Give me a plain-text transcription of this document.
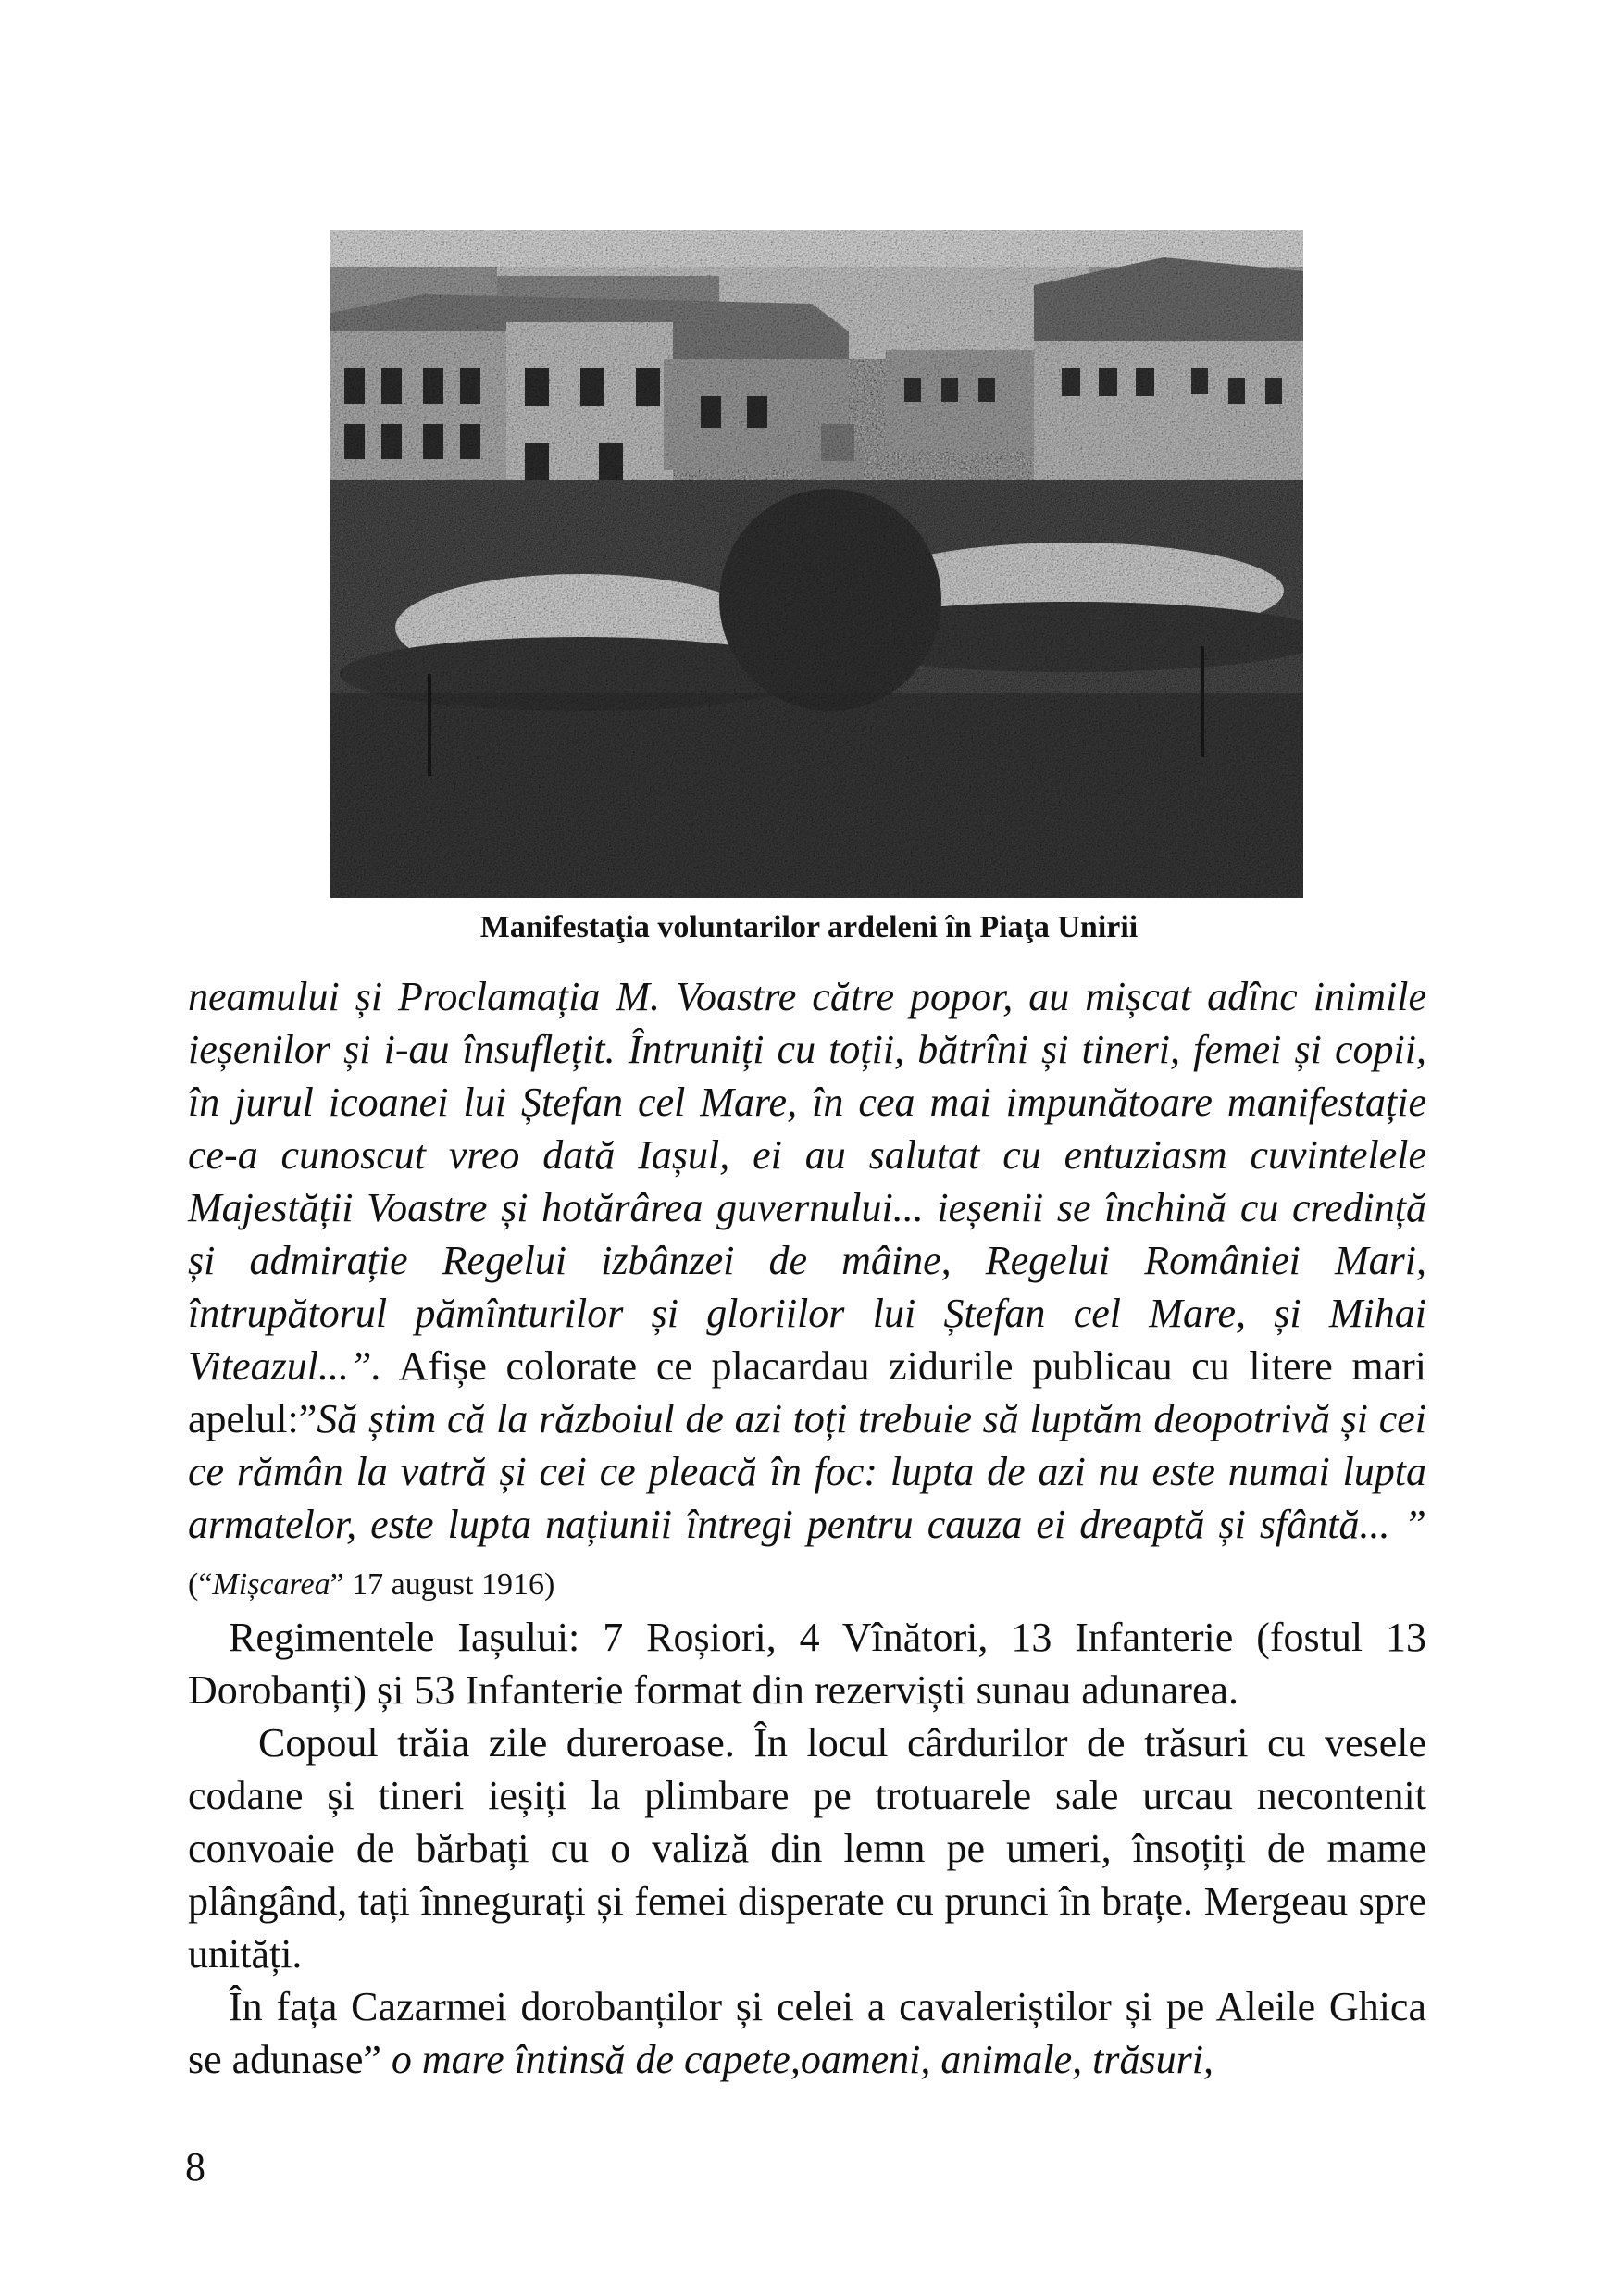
Manifestaţia voluntarilor ardeleni în Piaţa Unirii

neamului și Proclamația M. Voastre către popor, au mișcat adînc inimile ieșenilor și i-au însuflețit. Întruniți cu toții, bătrîni și tineri, femei și copii, în jurul icoanei lui Ștefan cel Mare, în cea mai impunătoare manifestație ce-a cunoscut vreo dată Iașul, ei au salutat cu entuziasm cuvintelele Majestății Voastre și hotărârea guvernului... ieșenii se închină cu credință și admirație Regelui izbânzei de mâine, Regelui României Mari, întrupătorul pămînturilor și gloriilor lui Ștefan cel Mare, și Mihai Viteazul...”. Afișe colorate ce placardau zidurile publicau cu litere mari apelul:”Să știm că la războiul de azi toți trebuie să luptăm deopotrivă și cei ce rămân la vatră și cei ce pleacă în foc: lupta de azi nu este numai lupta armatelor, este lupta națiunii întregi pentru cauza ei dreaptă și sfântă... ” (“Mișcarea” 17 august 1916)

Regimentele Iașului: 7 Roșiori, 4 Vînători, 13 Infanterie (fostul 13 Dorobanți) și 53 Infanterie format din rezerviști sunau adunarea.

Copoul trăia zile dureroase. În locul cârdurilor de trăsuri cu vesele codane și tineri ieșiți la plimbare pe trotuarele sale urcau necontenit convoaie de bărbați cu o valiză din lemn pe umeri, însoțiți de mame plângând, tați înnegurați și femei disperate cu prunci în brațe. Mergeau spre unități.

În fața Cazarmei dorobanților și celei a cavaleriștilor și pe Aleile Ghica se adunase” o mare întinsă de capete,oameni, animale, trăsuri,

8
